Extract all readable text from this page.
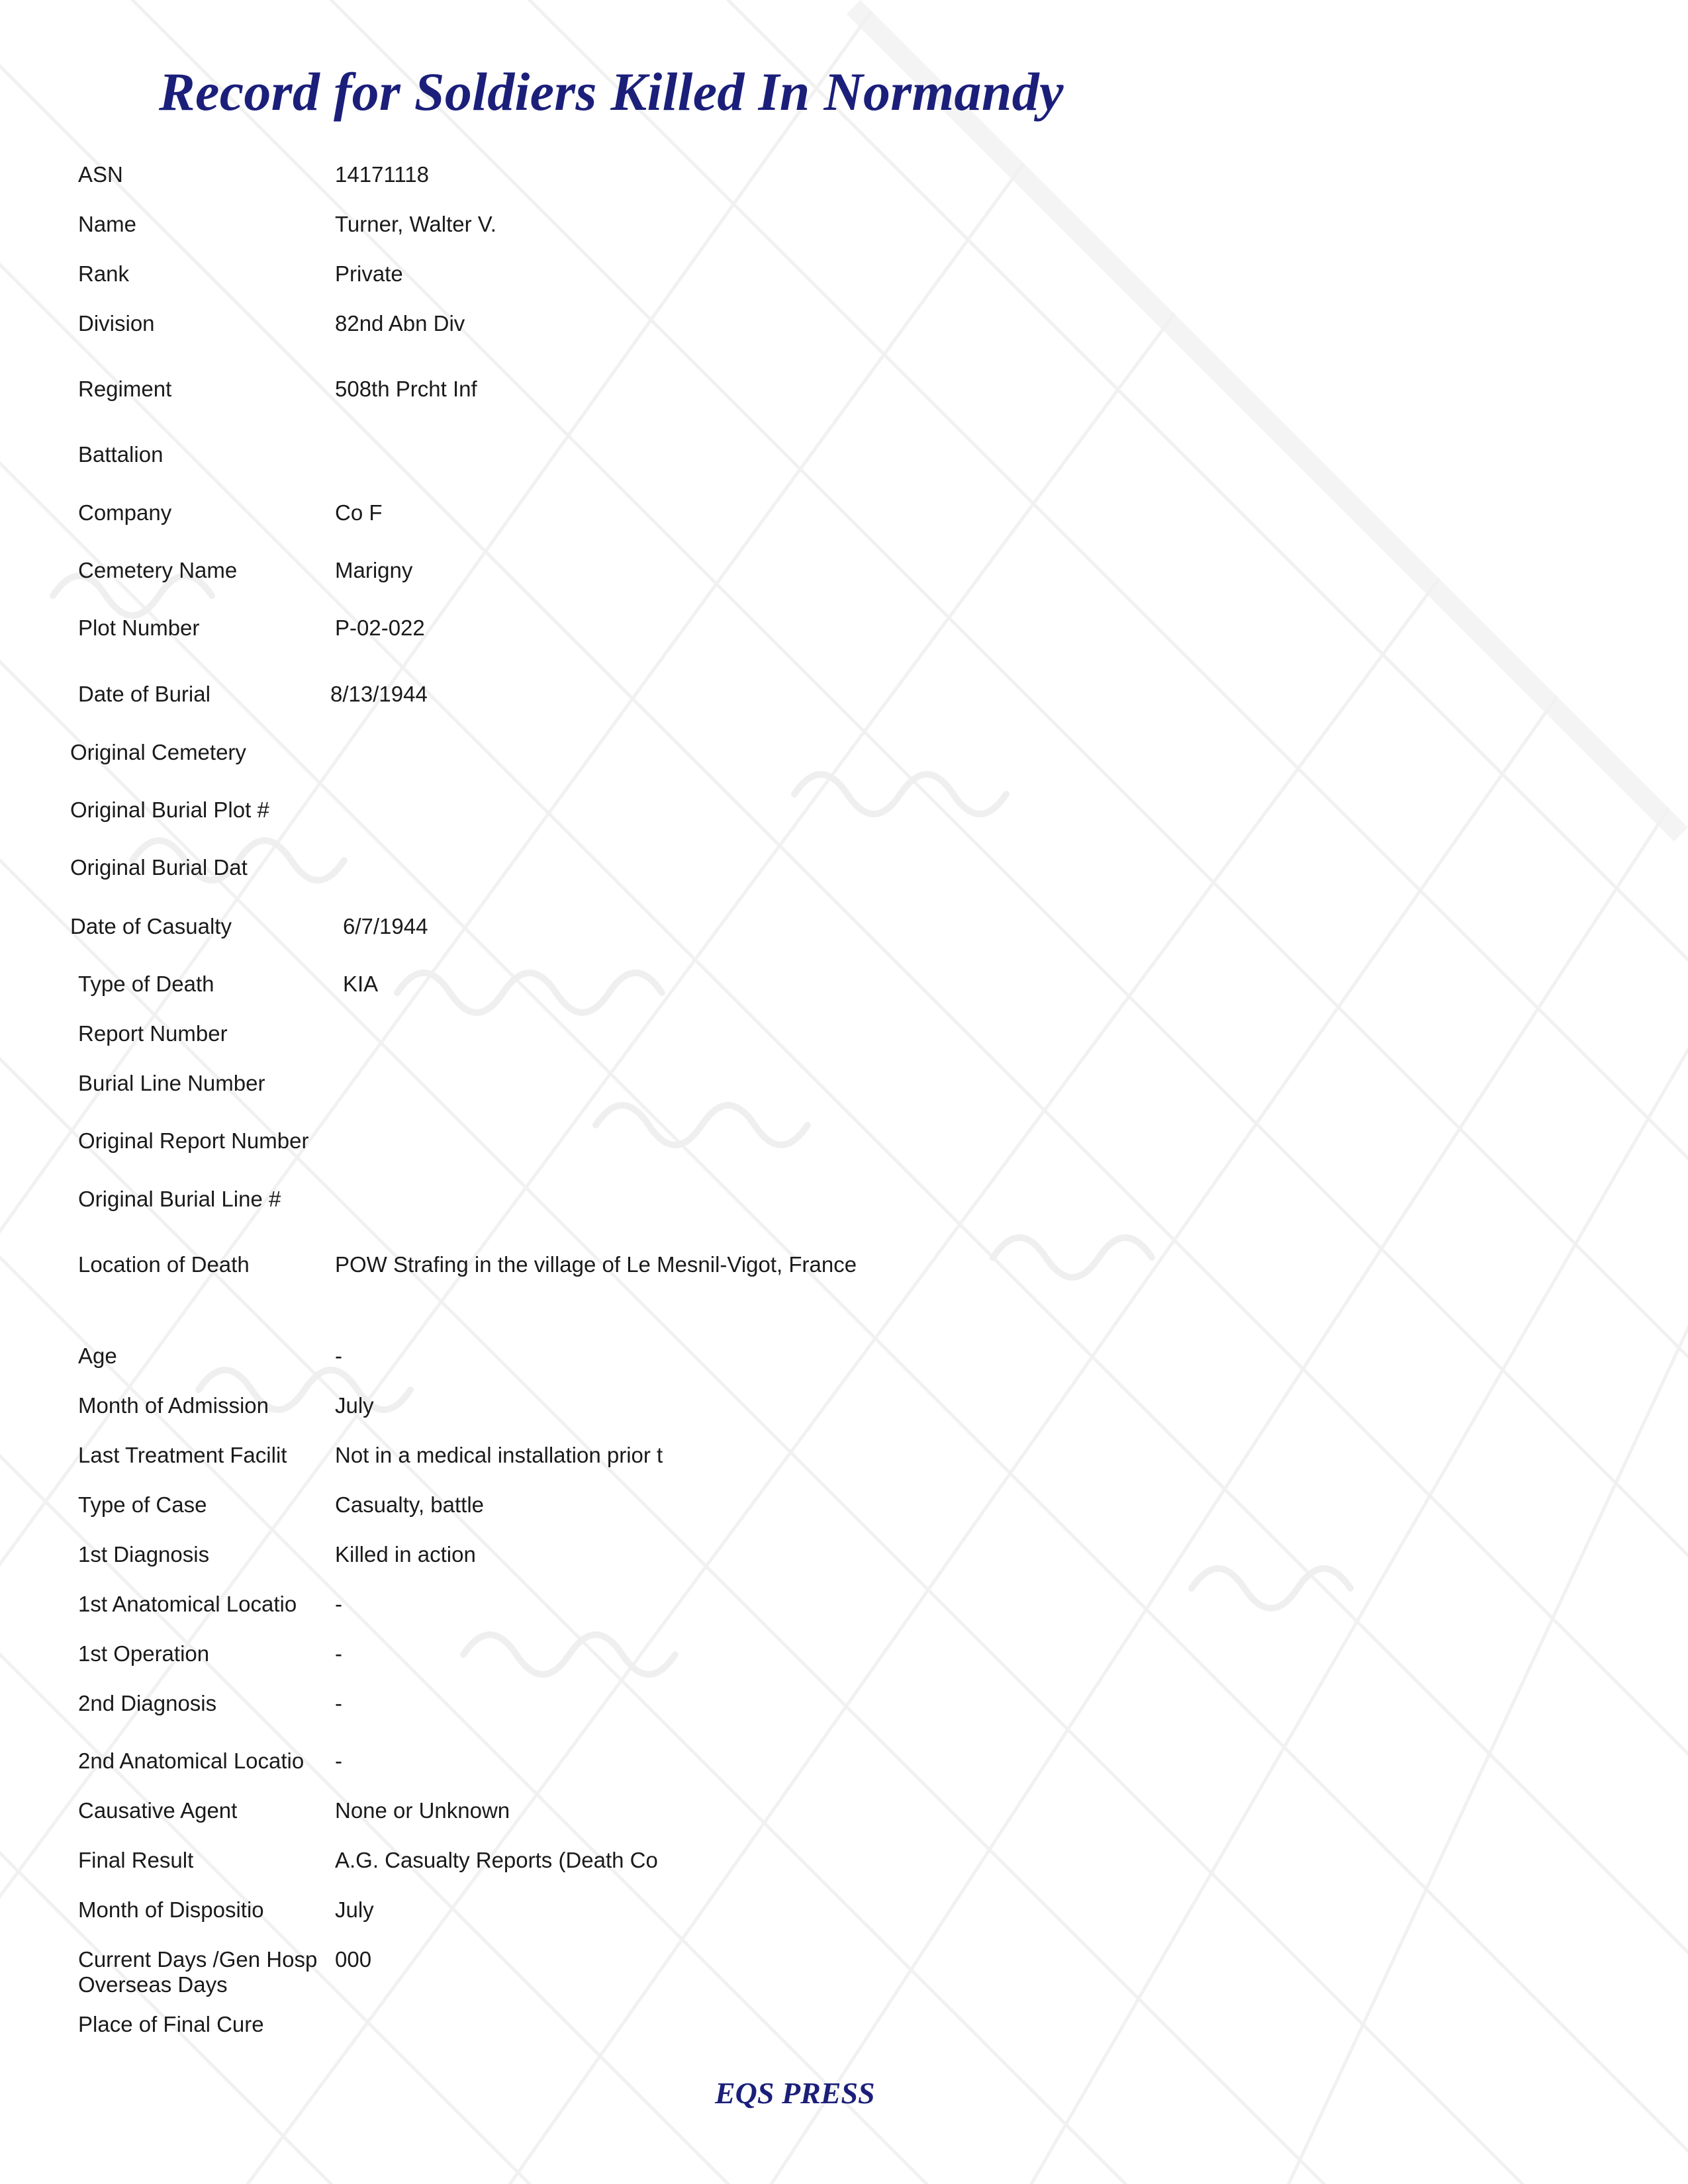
Record for Soldiers Killed In Normandy
ASN	14171118
Name	Turner, Walter V.
Rank	Private
Division	82nd Abn Div
Regiment	508th Prcht Inf
Battalion
Company	Co F
Cemetery Name	Marigny
Plot Number	P-02-022
Date of Burial	8/13/1944
Original Cemetery
Original Burial Plot #
Original Burial Dat
Date of Casualty	6/7/1944
Type of Death	KIA
Report Number
Burial Line Number
Original Report Number
Original Burial Line #
Location of Death	POW Strafing in the village of Le Mesnil-Vigot, France
Age	-
Month of Admission	July
Last Treatment Facilit	Not in a medical installation prior t
Type of Case	Casualty, battle
1st Diagnosis	Killed in action
1st Anatomical Locatio	-
1st Operation	-
2nd Diagnosis	-
2nd Anatomical Locatio	-
Causative Agent	None or Unknown
Final Result	A.G. Casualty Reports (Death Co
Month of Dispositio	July
Current Days /Gen Hosp 000
Overseas Days
Place of Final Cure
EQS PRESS
